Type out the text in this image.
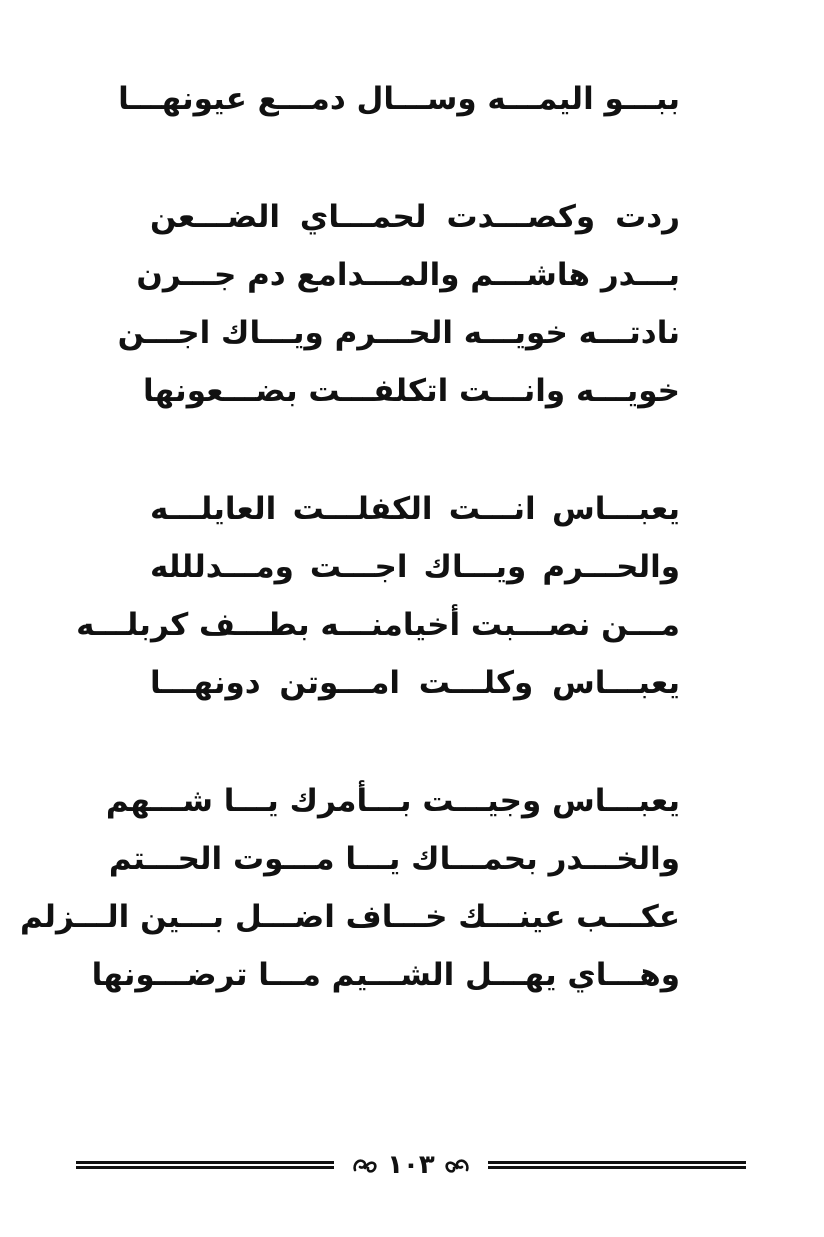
ببـــو اليمـــه وســـال دمـــع عيونهـــا
ردت وكصـــدت لحمـــاي الضـــعن
بـــدر هاشـــم والمـــدامع دم جـــرن
نادتـــه خويـــه الحـــرم ويـــاك اجـــن
خويـــه وانـــت اتكلفـــت بضـــعونها
يعبـــاس انـــت الكفلـــت العايلـــه
والحـــرم ويـــاك اجـــت ومـــدللله
مـــن نصـــبت أخيامنـــه بطـــف كربلـــه
يعبـــاس وكلـــت امـــوتن دونهـــا
يعبـــاس وجيـــت بـــأمرك يـــا شـــهم
والخـــدر بحمـــاك يـــا مـــوت الحـــتم
عكـــب عينـــك خـــاف اضـــل بـــين الـــزلم
وهـــاي يهـــل الشـــيم مـــا ترضـــونها
١٠٣
